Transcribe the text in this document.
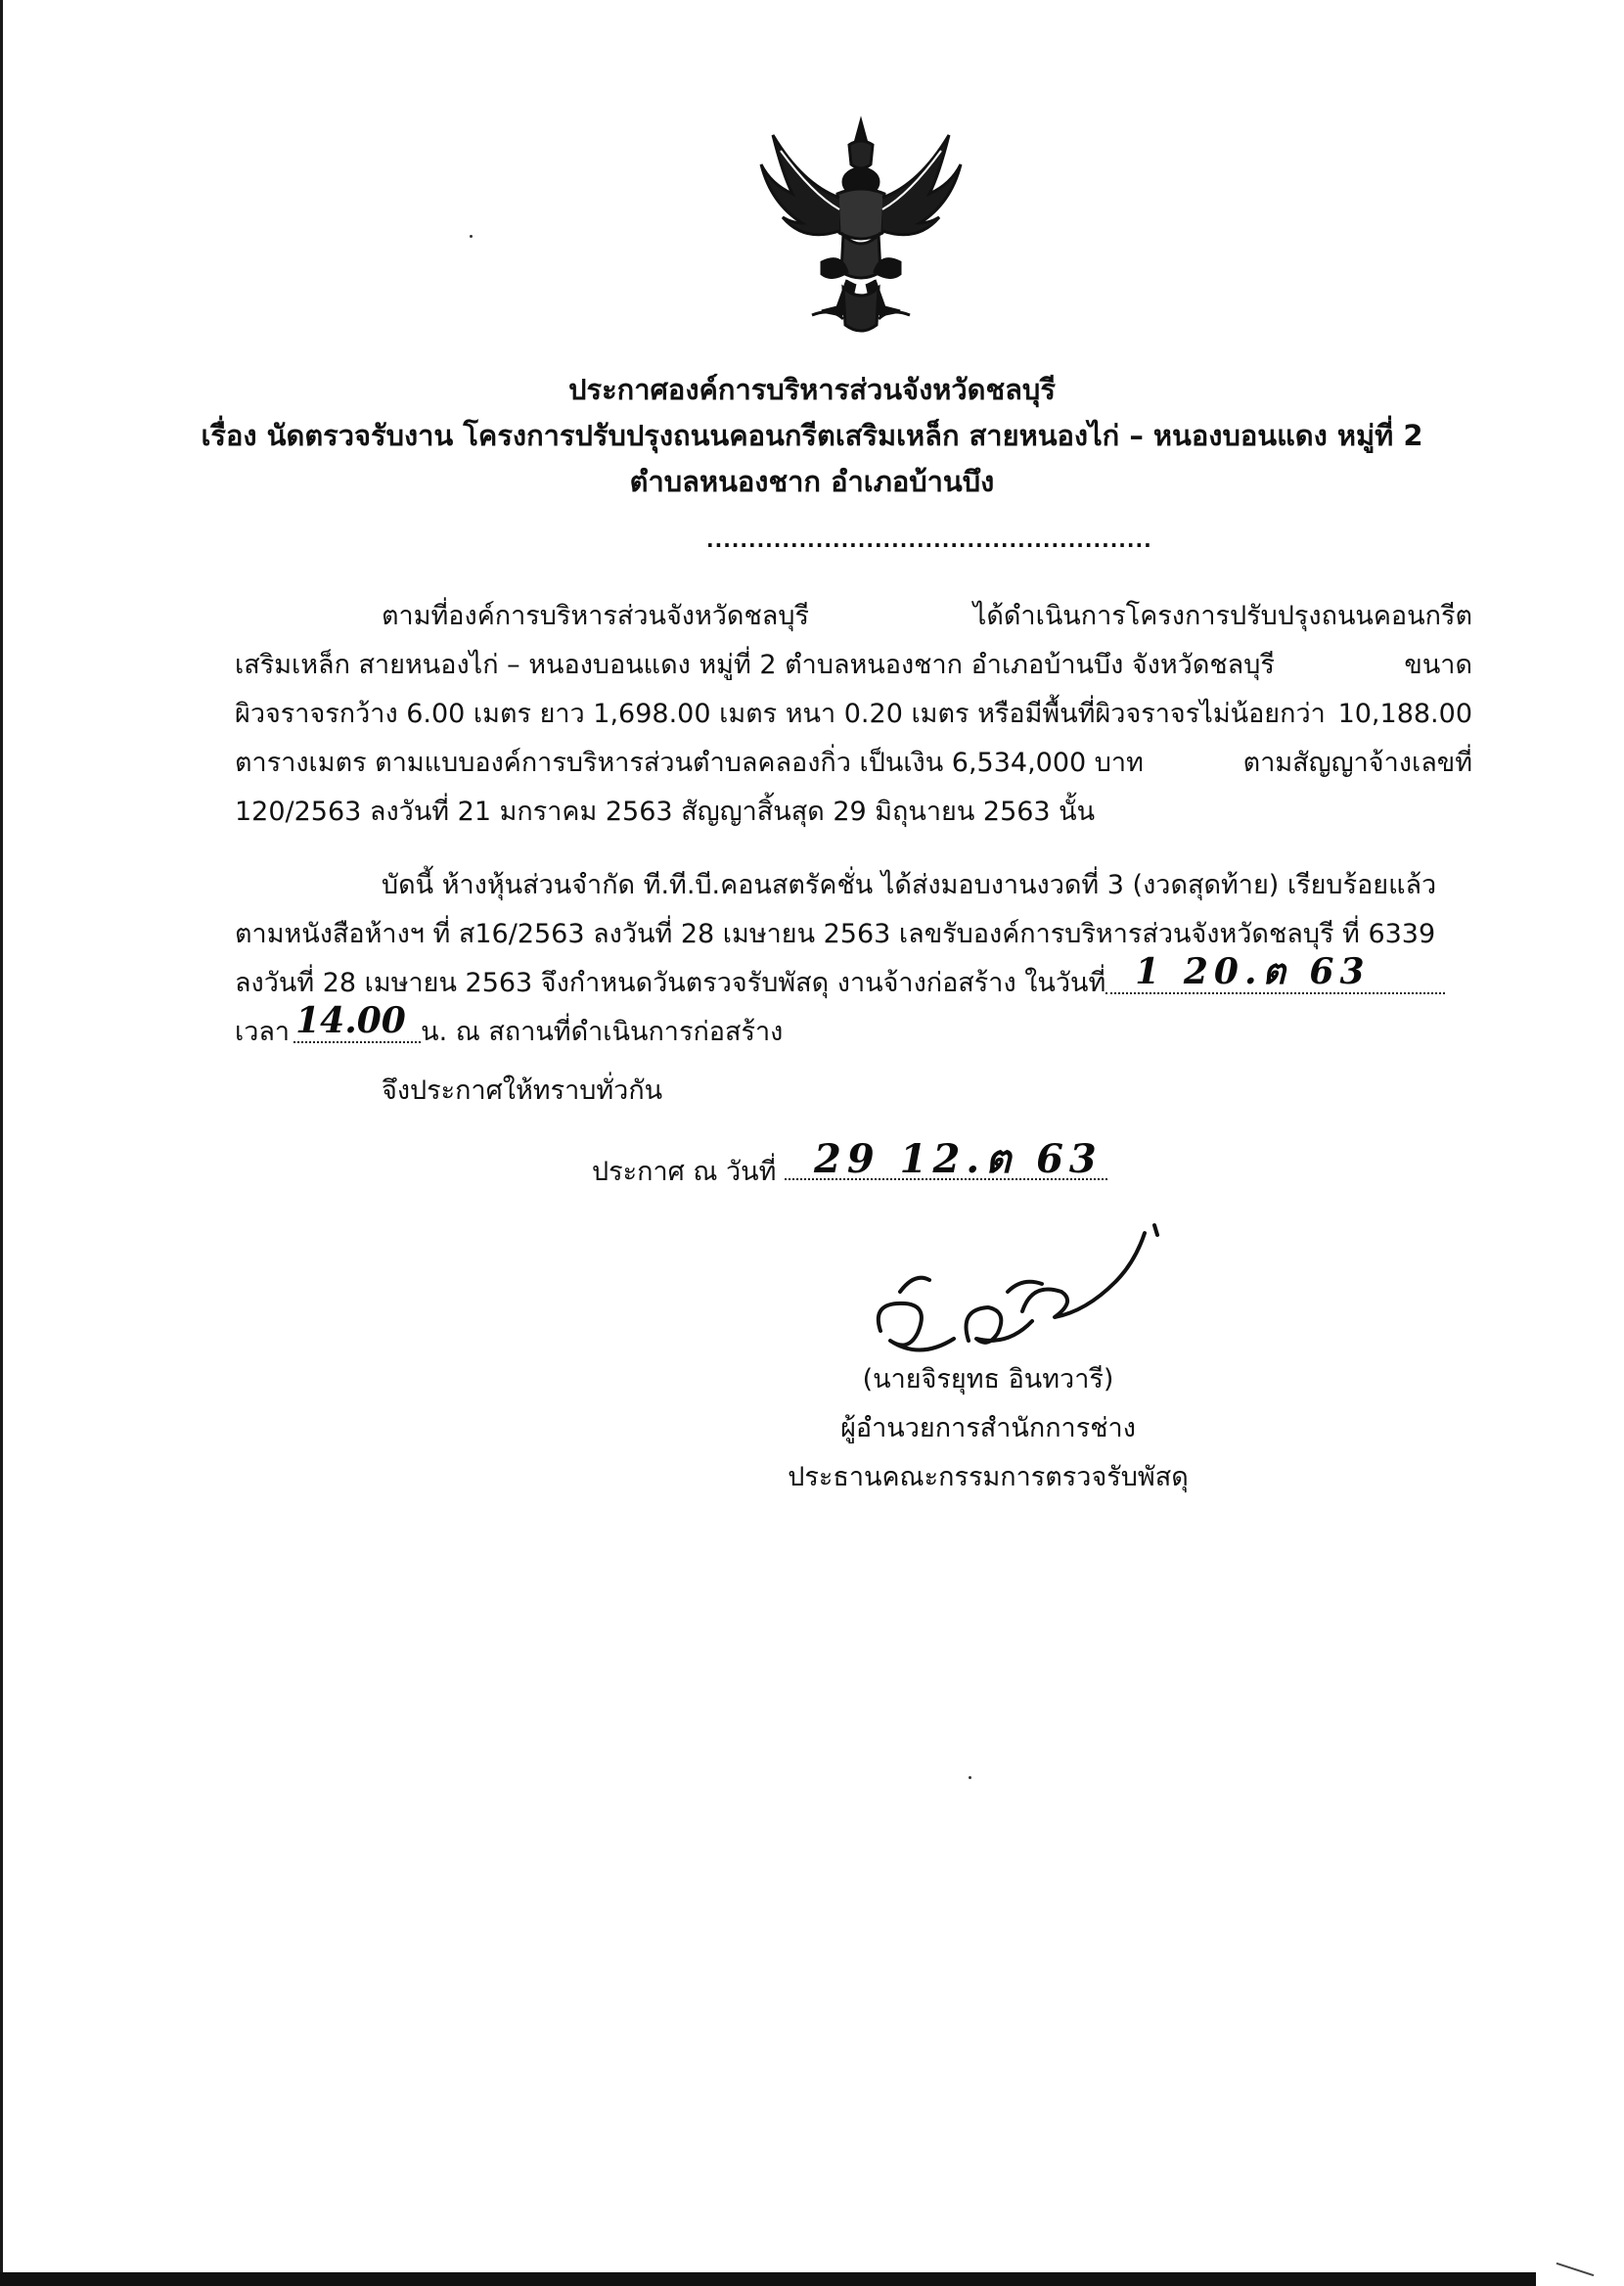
ประกาศองค์การบริหารส่วนจังหวัดชลบุรี
เรื่อง นัดตรวจรับงาน โครงการปรับปรุงถนนคอนกรีตเสริมเหล็ก สายหนองไก่ – หนองบอนแดง หมู่ที่ 2
ตำบลหนองชาก อำเภอบ้านบึง
.....................................................
ตามที่องค์การบริหารส่วนจังหวัดชลบุรี	ได้ดำเนินการโครงการปรับปรุงถนนคอนกรีต
เสริมเหล็ก สายหนองไก่ – หนองบอนแดง หมู่ที่ 2 ตำบลหนองชาก อำเภอบ้านบึง จังหวัดชลบุรี	ขนาด
ผิวจราจรกว้าง 6.00 เมตร ยาว 1,698.00 เมตร หนา 0.20 เมตร หรือมีพื้นที่ผิวจราจรไม่น้อยกว่า 10,188.00
ตารางเมตร ตามแบบองค์การบริหารส่วนตำบลคลองกิ่ว เป็นเงิน 6,534,000 บาท	ตามสัญญาจ้างเลขที่
120/2563 ลงวันที่ 21 มกราคม 2563 สัญญาสิ้นสุด 29 มิถุนายน 2563 นั้น
บัดนี้ ห้างหุ้นส่วนจำกัด ที.ที.บี.คอนสตรัคชั่น ได้ส่งมอบงานงวดที่ 3 (งวดสุดท้าย) เรียบร้อยแล้ว
ตามหนังสือห้างฯ ที่ ส16/2563 ลงวันที่ 28 เมษายน 2563 เลขรับองค์การบริหารส่วนจังหวัดชลบุรี ที่ 6339
ลงวันที่ 28 เมษายน 2563 จึงกำหนดวันตรวจรับพัสดุ งานจ้างก่อสร้าง ในวันที่ 1 20.ต 63
เวลา 14.00 น. ณ สถานที่ดำเนินการก่อสร้าง
จึงประกาศให้ทราบทั่วกัน
ประกาศ ณ วันที่ 29 12.ต 63
(นายจิรยุทธ อินทวารี)
ผู้อำนวยการสำนักการช่าง
ประธานคณะกรรมการตรวจรับพัสดุ
